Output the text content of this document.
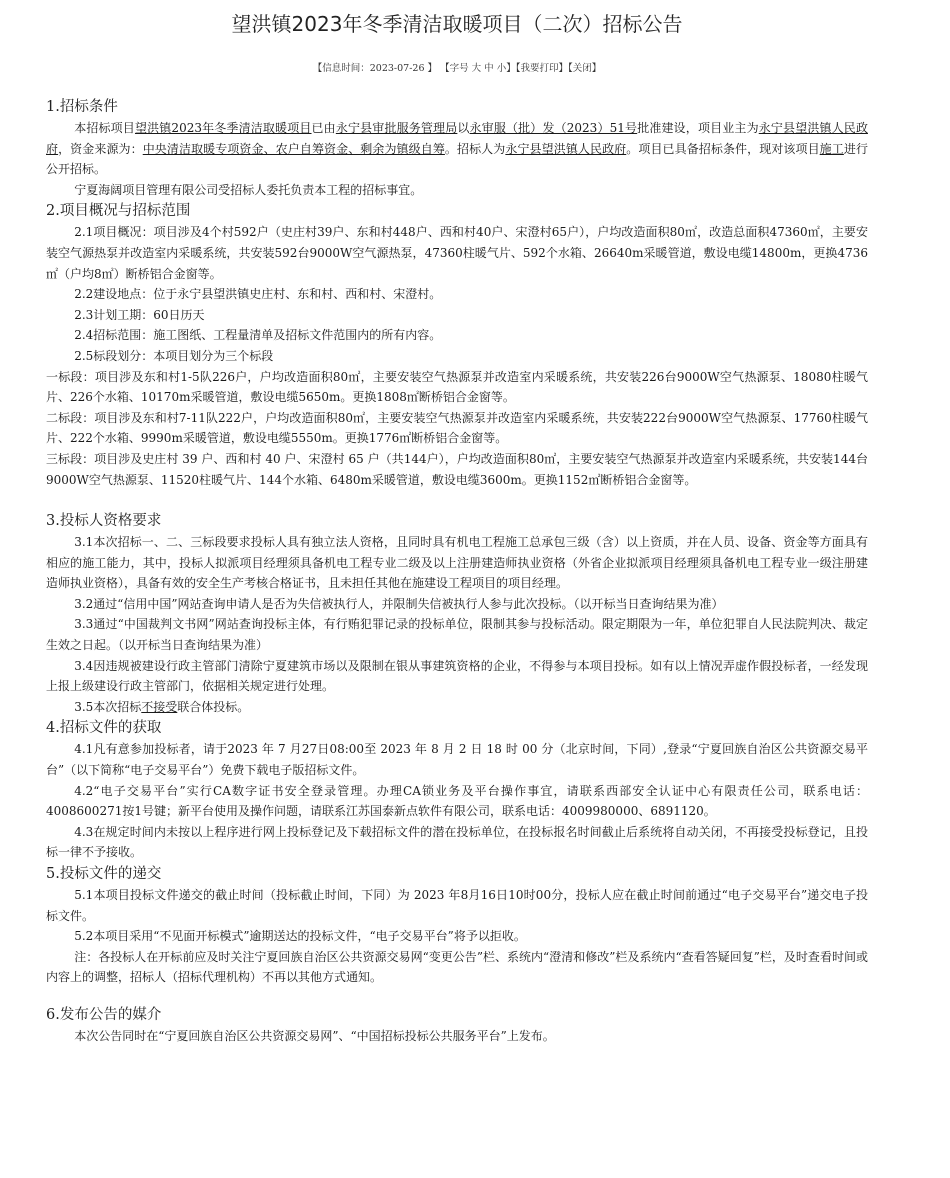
望洪镇2023年冬季清洁取暖项目（二次）招标公告
【信息时间：2023-07-26 】 【字号 大 中 小】【我要打印】【关闭】
1.招标条件

本招标项目望洪镇2023年冬季清洁取暖项目已由永宁县审批服务管理局以永审服（批）发（2023）51号批准建设，项目业主为永宁县望洪镇人民政府，资金来源为：中央清洁取暖专项资金、农户自筹资金、剩余为镇级自筹。招标人为永宁县望洪镇人民政府。项目已具备招标条件，现对该项目施工进行公开招标。

宁夏海阔项目管理有限公司受招标人委托负责本工程的招标事宜。

2.项目概况与招标范围

2.1项目概况：项目涉及4个村592户（史庄村39户、东和村448户、西和村40户、宋澄村65户），户均改造面积80㎡，改造总面积47360㎡，主要安装空气源热泵并改造室内采暖系统，共安装592台9000W空气源热泵，47360柱暖气片、592个水箱、26640m采暖管道，敷设电缆14800m，更换4736㎡（户均8㎡）断桥铝合金窗等。

2.2建设地点：位于永宁县望洪镇史庄村、东和村、西和村、宋澄村。

2.3计划工期：60日历天

2.4招标范围：施工图纸、工程量清单及招标文件范围内的所有内容。

2.5标段划分：本项目划分为三个标段

一标段：项目涉及东和村1-5队226户，户均改造面积80㎡，主要安装空气热源泵并改造室内采暖系统，共安装226台9000W空气热源泵、18080柱暖气片、226个水箱、10170m采暖管道，敷设电缆5650m。更换1808㎡断桥铝合金窗等。

二标段：项目涉及东和村7-11队222户，户均改造面积80㎡，主要安装空气热源泵并改造室内采暖系统，共安装222台9000W空气热源泵、17760柱暖气片、222个水箱、9990m采暖管道，敷设电缆5550m。更换1776㎡断桥铝合金窗等。

三标段：项目涉及史庄村 39 户、西和村 40 户、宋澄村 65 户（共144户），户均改造面积80㎡，主要安装空气热源泵并改造室内采暖系统，共安装144台9000W空气热源泵、11520柱暖气片、144个水箱、6480m采暖管道，敷设电缆3600m。更换1152㎡断桥铝合金窗等。

3.投标人资格要求

3.1本次招标一、二、三标段要求投标人具有独立法人资格，且同时具有机电工程施工总承包三级（含）以上资质，并在人员、设备、资金等方面具有相应的施工能力，其中，投标人拟派项目经理须具备机电工程专业二级及以上注册建造师执业资格（外省企业拟派项目经理须具备机电工程专业一级注册建造师执业资格），具备有效的安全生产考核合格证书，且未担任其他在施建设工程项目的项目经理。

3.2通过“信用中国”网站查询申请人是否为失信被执行人，并限制失信被执行人参与此次投标。（以开标当日查询结果为准）

3.3通过“中国裁判文书网”网站查询投标主体，有行贿犯罪记录的投标单位，限制其参与投标活动。限定期限为一年，单位犯罪自人民法院判决、裁定生效之日起。（以开标当日查询结果为准）

3.4因违规被建设行政主管部门清除宁夏建筑市场以及限制在银从事建筑资格的企业，不得参与本项目投标。如有以上情况弄虚作假投标者，一经发现上报上级建设行政主管部门，依据相关规定进行处理。

3.5本次招标不接受联合体投标。

4.招标文件的获取

4.1凡有意参加投标者，请于2023 年 7 月27日08:00至 2023 年 8 月 2 日 18 时 00 分（北京时间，下同）,登录“宁夏回族自治区公共资源交易平台”（以下简称“电子交易平台”）免费下载电子版招标文件。

4.2“电子交易平台”实行CA数字证书安全登录管理。办理CA锁业务及平台操作事宜，请联系西部安全认证中心有限责任公司，联系电话：4008600271按1号键；新平台使用及操作问题，请联系江苏国泰新点软件有限公司，联系电话：4009980000、6891120。

4.3在规定时间内未按以上程序进行网上投标登记及下载招标文件的潜在投标单位，在投标报名时间截止后系统将自动关闭，不再接受投标登记，且投标一律不予接收。

5.投标文件的递交

5.1本项目投标文件递交的截止时间（投标截止时间，下同）为 2023 年8月16日10时00分，投标人应在截止时间前通过“电子交易平台”递交电子投标文件。

5.2本项目采用“不见面开标模式”逾期送达的投标文件，“电子交易平台”将予以拒收。

注：各投标人在开标前应及时关注宁夏回族自治区公共资源交易网“变更公告”栏、系统内“澄清和修改”栏及系统内“查看答疑回复”栏，及时查看时间或内容上的调整，招标人（招标代理机构）不再以其他方式通知。

6.发布公告的媒介

本次公告同时在“宁夏回族自治区公共资源交易网”、“中国招标投标公共服务平台”上发布。
